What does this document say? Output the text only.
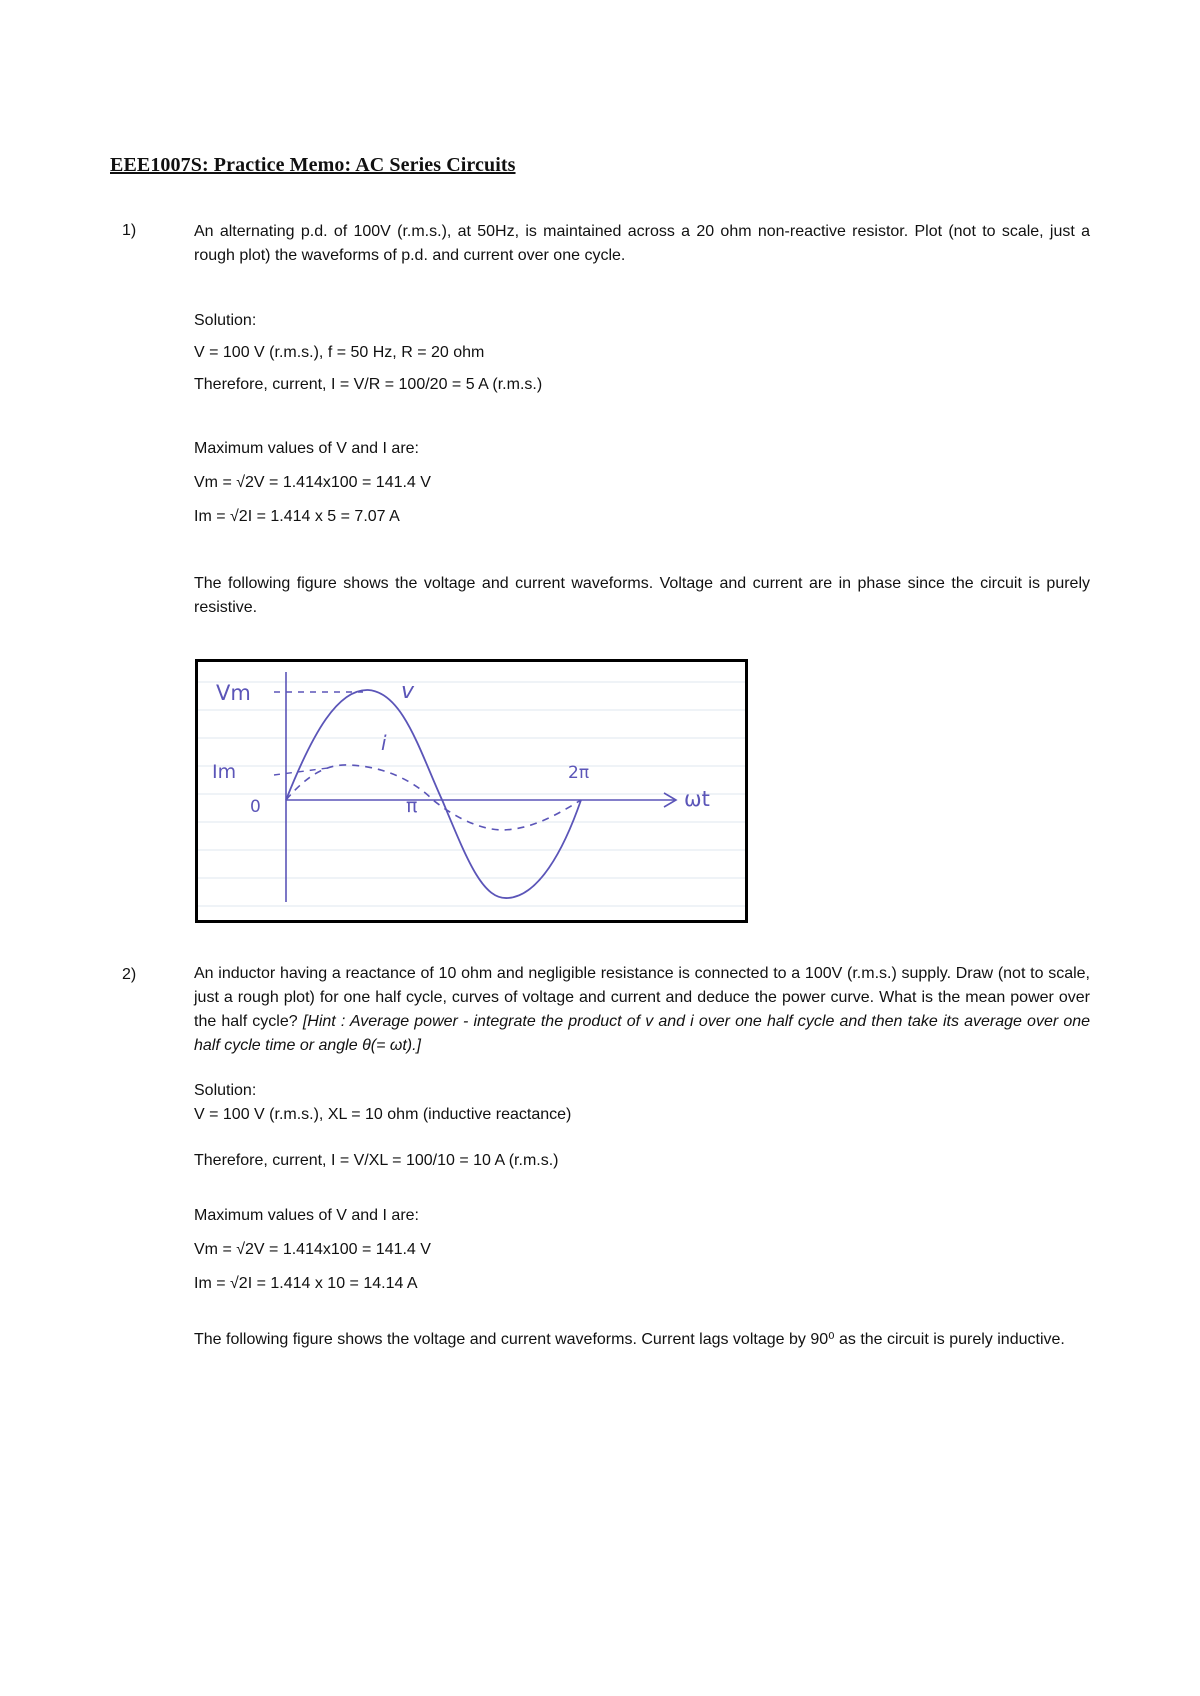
EEE1007S: Practice Memo: AC Series Circuits
1)	An alternating p.d. of 100V (r.m.s.), at 50Hz, is maintained across a 20 ohm non-reactive resistor. Plot (not to scale, just a rough plot) the waveforms of p.d. and current over one cycle.
Solution:
V = 100 V (r.m.s.), f = 50 Hz, R = 20 ohm
Therefore, current, I = V/R = 100/20 = 5 A (r.m.s.)
Maximum values of V and I are:
Vm = √2V = 1.414x100 = 141.4 V
Im = √2I = 1.414 x 5 = 7.07 A
The following figure shows the voltage and current waveforms. Voltage and current are in phase since the circuit is purely resistive.
Vm
Im
0	π
2π
ωt
v
i
2)	An inductor having a reactance of 10 ohm and negligible resistance is connected to a 100V (r.m.s.) supply. Draw (not to scale, just a rough plot) for one half cycle, curves of voltage and current and deduce the power curve. What is the mean power over the half cycle? [Hint : Average power - integrate the product of v and i over one half cycle and then take its average over one half cycle time or angle θ(= ωt).]
Solution:
V = 100 V (r.m.s.), XL = 10 ohm (inductive reactance)
Therefore, current, I = V/XL = 100/10 = 10 A (r.m.s.)
Maximum values of V and I are:
Vm = √2V = 1.414x100 = 141.4 V
Im = √2I = 1.414 x 10 = 14.14 A
The following figure shows the voltage and current waveforms. Current lags voltage by 90⁰ as the circuit is purely inductive.
